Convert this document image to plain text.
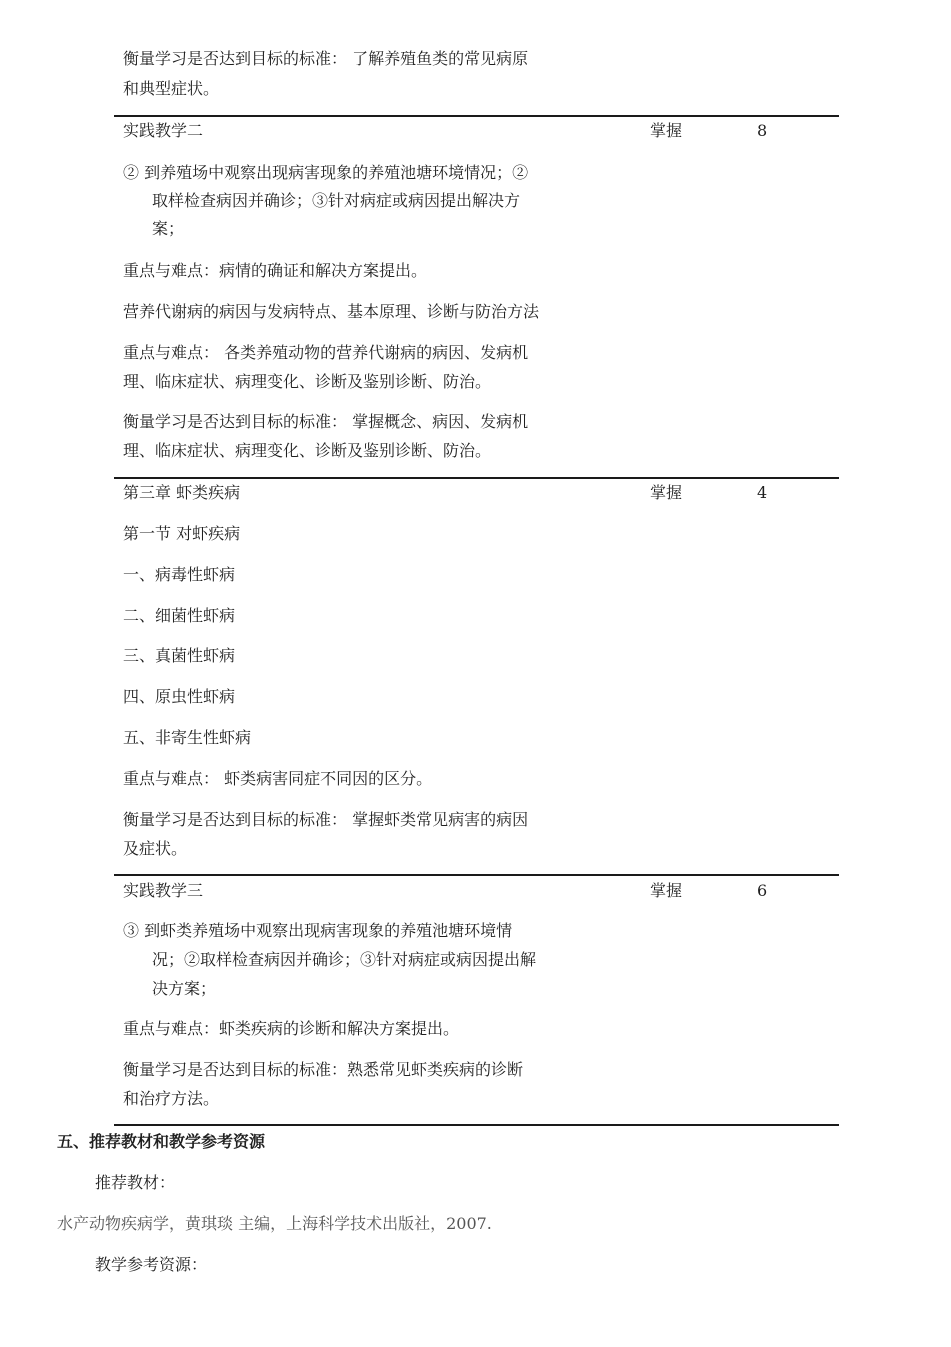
衡量学习是否达到目标的标准： 了解养殖鱼类的常见病原
和典型症状。
实践教学二	掌握	8
② 到养殖场中观察出现病害现象的养殖池塘环境情况；②
取样检查病因并确诊；③针对病症或病因提出解决方
案；
重点与难点：病情的确证和解决方案提出。
营养代谢病的病因与发病特点、基本原理、诊断与防治方法
重点与难点： 各类养殖动物的营养代谢病的病因、发病机
理、临床症状、病理变化、诊断及鉴别诊断、防治。
衡量学习是否达到目标的标准： 掌握概念、病因、发病机
理、临床症状、病理变化、诊断及鉴别诊断、防治。
第三章 虾类疾病	掌握	4
第一节 对虾疾病
一、病毒性虾病
二、细菌性虾病
三、真菌性虾病
四、原虫性虾病
五、非寄生性虾病
重点与难点： 虾类病害同症不同因的区分。
衡量学习是否达到目标的标准： 掌握虾类常见病害的病因
及症状。
实践教学三	掌握	6
③ 到虾类养殖场中观察出现病害现象的养殖池塘环境情
况；②取样检查病因并确诊；③针对病症或病因提出解
决方案；
重点与难点：虾类疾病的诊断和解决方案提出。
衡量学习是否达到目标的标准：熟悉常见虾类疾病的诊断
和治疗方法。
五、推荐教材和教学参考资源
推荐教材：
水产动物疾病学，黄琪琰 主编，上海科学技术出版社，2007.
教学参考资源：
